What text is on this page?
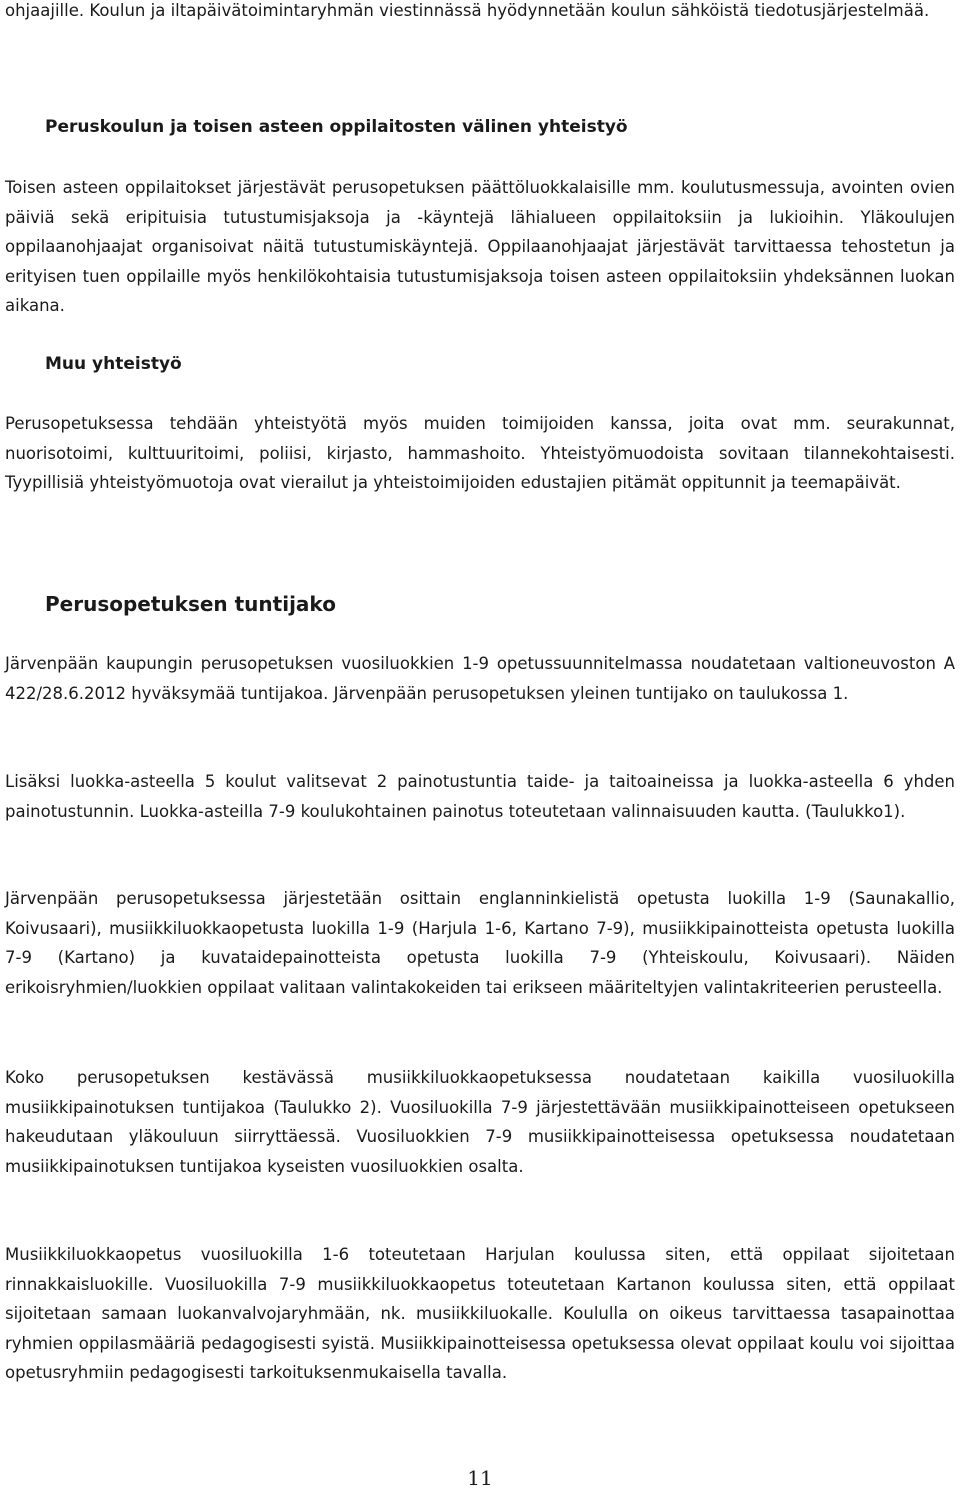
ohjaajille. Koulun ja iltapäivätoimintaryhmän viestinnässä hyödynnetään koulun sähköistä tiedotusjärjestelmää.

Peruskoulun ja toisen asteen oppilaitosten välinen yhteistyö

Toisen asteen oppilaitokset järjestävät perusopetuksen päättöluokkalaisille mm. koulutusmessuja, avointen ovien päiviä sekä eripituisia tutustumisjaksoja ja -käyntejä lähialueen oppilaitoksiin ja lukioihin. Yläkoulujen oppilaanohjaajat organisoivat näitä tutustumiskäyntejä. Oppilaanohjaajat järjestävät tarvittaessa tehostetun ja erityisen tuen oppilaille myös henkilökohtaisia tutustumisjaksoja toisen asteen oppilaitoksiin yhdeksännen luokan aikana.

Muu yhteistyö

Perusopetuksessa tehdään yhteistyötä myös muiden toimijoiden kanssa, joita ovat mm. seurakunnat, nuorisotoimi, kulttuuritoimi, poliisi, kirjasto, hammashoito. Yhteistyömuodoista sovitaan tilannekohtaisesti. Tyypillisiä yhteistyömuotoja ovat vierailut ja yhteistoimijoiden edustajien pitämät oppitunnit ja teemapäivät.

Perusopetuksen tuntijako

Järvenpään kaupungin perusopetuksen vuosiluokkien 1-9 opetussuunnitelmassa noudatetaan valtioneuvoston A 422/28.6.2012 hyväksymää tuntijakoa. Järvenpään perusopetuksen yleinen tuntijako on taulukossa 1.

Lisäksi luokka-asteella 5 koulut valitsevat 2 painotustuntia taide- ja taitoaineissa ja luokka-asteella 6 yhden painotustunnin. Luokka-asteilla 7-9 koulukohtainen painotus toteutetaan valinnaisuuden kautta. (Taulukko1).

Järvenpään perusopetuksessa järjestetään osittain englanninkielistä opetusta luokilla 1-9 (Saunakallio, Koivusaari), musiikkiluokkaopetusta luokilla 1-9 (Harjula 1-6, Kartano 7-9), musiikkipainotteista opetusta luokilla 7-9 (Kartano) ja kuvataidepainotteista opetusta luokilla 7-9 (Yhteiskoulu, Koivusaari). Näiden erikoisryhmien/luokkien oppilaat valitaan valintakokeiden tai erikseen määriteltyjen valintakriteerien perusteella.

Koko perusopetuksen kestävässä musiikkiluokkaopetuksessa noudatetaan kaikilla vuosiluokilla musiikkipainotuksen tuntijakoa (Taulukko 2). Vuosiluokilla 7-9 järjestettävään musiikkipainotteiseen opetukseen hakeudutaan yläkouluun siirryttäessä. Vuosiluokkien 7-9 musiikkipainotteisessa opetuksessa noudatetaan musiikkipainotuksen tuntijakoa kyseisten vuosiluokkien osalta.

Musiikkiluokkaopetus vuosiluokilla 1-6 toteutetaan Harjulan koulussa siten, että oppilaat sijoitetaan rinnakkaisluokille. Vuosiluokilla 7-9 musiikkiluokkaopetus toteutetaan Kartanon koulussa siten, että oppilaat sijoitetaan samaan luokanvalvojaryhmään, nk. musiikkiluokalle. Koululla on oikeus tarvittaessa tasapainottaa ryhmien oppilasmääriä pedagogisesti syistä. Musiikkipainotteisessa opetuksessa olevat oppilaat koulu voi sijoittaa opetusryhmiin pedagogisesti tarkoituksenmukaisella tavalla.

11
